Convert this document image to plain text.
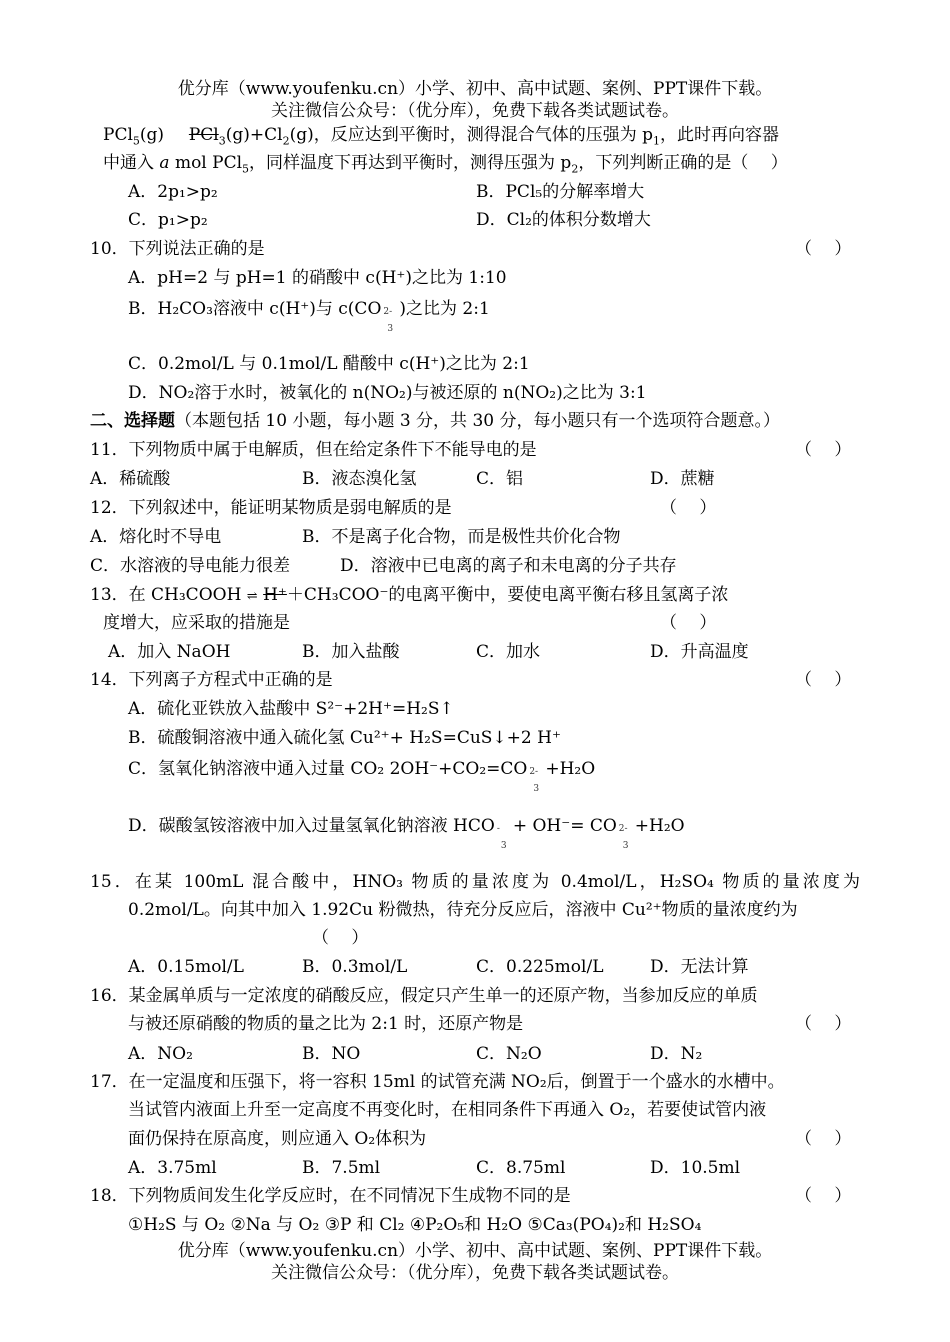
优分库（www.youfenku.cn）小学、初中、高中试题、案例、PPT课件下载。
关注微信公众号：（优分库），免费下载各类试题试卷。
PCl$_5$(g) $PCl_3(g)+Cl_2(g)$，反应达到平衡时，测得混合气体的压强为 $p_1$，此时再向容器
中通入 a mol PCl$_5$，同样温度下再达到平衡时，测得压强为 $p_2$，下列判断正确的是（　 ）
A．2p₁>p₂	B．PCl₅的分解率增大
C．p₁>p₂	D．Cl₂的体积分数增大
10．下列说法正确的是	（　 ）
A．pH=2 与 pH=1 的硝酸中 c(H⁺)之比为 1:10
B．H₂CO₃溶液中 c(H⁺)与 c(CO 2-
3
)之比为 2:1
C．0.2mol/L 与 0.1mol/L 醋酸中 c(H⁺)之比为 2:1
D．NO₂溶于水时，被氧化的 n(NO₂)与被还原的 n(NO₂)之比为 3:1
二、选择题（本题包括 10 小题，每小题 3 分，共 30 分，每小题只有一个选项符合题意。）
11．下列物质中属于电解质，但在给定条件下不能导电的是	（　 ）
A．稀硫酸	B．液态溴化氢	C．铝	D．蔗糖
12．下列叙述中，能证明某物质是弱电解质的是	（　 ）
A．熔化时不导电	B．不是离子化合物，而是极性共价化合物
C．水溶液的导电能力很差	D．溶液中已电离的离子和未电离的分子共存
13．在 CH₃COOH ⇌ H⁺＋CH₃COO⁻的电离平衡中，要使电离平衡右移且氢离子浓
度增大，应采取的措施是	（　 ）
A．加入 NaOH	B．加入盐酸	C．加水	D．升高温度
14．下列离子方程式中正确的是	（　 ）
A．硫化亚铁放入盐酸中 S²⁻+2H⁺=H₂S↑
B．硫酸铜溶液中通入硫化氢 Cu²⁺+ H₂S=CuS↓+2 H⁺
C．氢氧化钠溶液中通入过量 CO₂ 2OH⁻+CO₂=CO 2-
3
+H₂O
D．碳酸氢铵溶液中加入过量氢氧化钠溶液 HCO -
3
+ OH⁻= CO 2-
3
+H₂O
15．在某 100mL 混合酸中，HNO₃ 物质的量浓度为 0.4mol/L，H₂SO₄ 物质的量浓度为
0.2mol/L。向其中加入 1.92Cu 粉微热，待充分反应后，溶液中 Cu²⁺物质的量浓度约为
（　 ）
A．0.15mol/L	B．0.3mol/L	C．0.225mol/L	D．无法计算
16．某金属单质与一定浓度的硝酸反应，假定只产生单一的还原产物，当参加反应的单质
与被还原硝酸的物质的量之比为 2:1 时，还原产物是	（　 ）
A．NO₂	B．NO	C．N₂O	D．N₂
17．在一定温度和压强下，将一容积 15ml 的试管充满 NO₂后，倒置于一个盛水的水槽中。
当试管内液面上升至一定高度不再变化时，在相同条件下再通入 O₂，若要使试管内液
面仍保持在原高度，则应通入 O₂体积为	（　 ）
A．3.75ml	B．7.5ml	C．8.75ml	D．10.5ml
18．下列物质间发生化学反应时，在不同情况下生成物不同的是	（　 ）
①H₂S 与 O₂ ②Na 与 O₂ ③P 和 Cl₂ ④P₂O₅和 H₂O ⑤Ca₃(PO₄)₂和 H₂SO₄
优分库（www.youfenku.cn）小学、初中、高中试题、案例、PPT课件下载。
关注微信公众号：（优分库），免费下载各类试题试卷。
